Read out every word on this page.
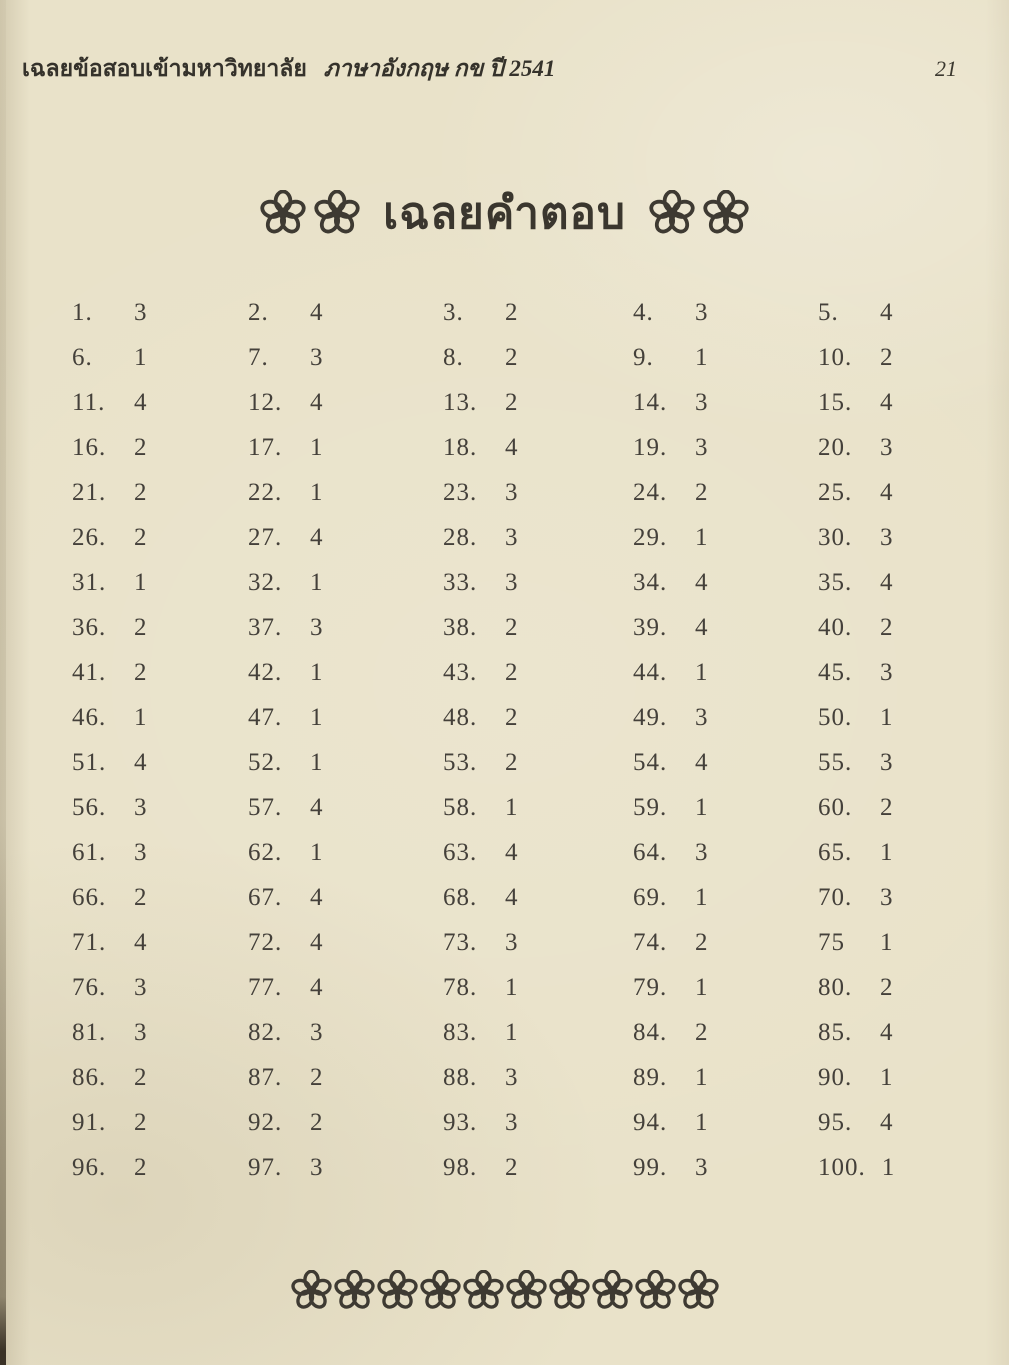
เฉลยข้อสอบเข้ามหาวิทยาลัย ภาษาอังกฤษ กข ปี 2541	21
เฉลยคำตอบ
1.	3	2.	4	3.	2	4.	3	5.	4
6.	1	7.	3	8.	2	9.	1	10.	2
11.	4	12.	4	13.	2	14.	3	15.	4
16.	2	17.	1	18.	4	19.	3	20.	3
21.	2	22.	1	23.	3	24.	2	25.	4
26.	2	27.	4	28.	3	29.	1	30.	3
31.	1	32.	1	33.	3	34.	4	35.	4
36.	2	37.	3	38.	2	39.	4	40.	2
41.	2	42.	1	43.	2	44.	1	45.	3
46.	1	47.	1	48.	2	49.	3	50.	1
51.	4	52.	1	53.	2	54.	4	55.	3
56.	3	57.	4	58.	1	59.	1	60.	2
61.	3	62.	1	63.	4	64.	3	65.	1
66.	2	67.	4	68.	4	69.	1	70.	3
71.	4	72.	4	73.	3	74.	2	75	1
76.	3	77.	4	78.	1	79.	1	80.	2
81.	3	82.	3	83.	1	84.	2	85.	4
86.	2	87.	2	88.	3	89.	1	90.	1
91.	2	92.	2	93.	3	94.	1	95.	4
96.	2	97.	3	98.	2	99.	3	100. 1
